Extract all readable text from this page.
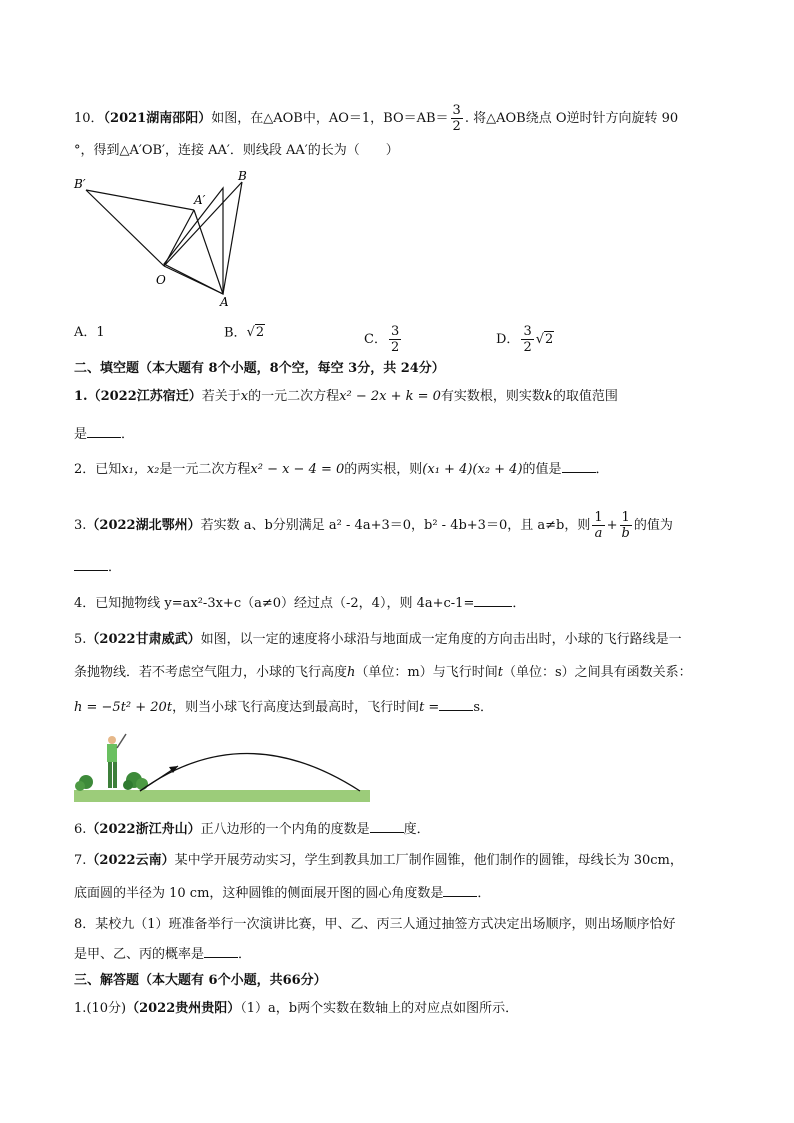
10．（2021湖南邵阳）如图，在△AOB中，AO＝1，$BO=AB= \frac{3}{2}$ . 将△AOB绕点 O逆时针方向旋转 90
°，得到△A′OB′，连接 AA′．则线段 AA′的长为（　　）
B′
A′
B
O
A
A．1	B．√2	C． $\frac{3}{2}$	D． $\frac{3}{2} √2$
二、填空题（本大题有 8个小题，8个空，每空 3分，共 24分）
1.（2022江苏宿迁）若关于x的一元二次方程x² − 2x + k = 0有实数根，则实数k的取值范围
是	．
2．已知x₁，x₂是一元二次方程x² − x − 4 = 0的两实根，则(x₁ + 4)(x₂ + 4)的值是	．
3.（2022湖北鄂州）若实数 a、b分别满足 a² - 4a+3＝0，b² - 4b+3＝0，且 a≠b，则 $\frac{1}{a} + \frac{1}{b}$ 的值为
．
4．已知抛物线 y=ax²-3x+c（a≠0）经过点（-2，4），则 4a+c-1=	．
5.（2022甘肃威武）如图，以一定的速度将小球沿与地面成一定角度的方向击出时，小球的飞行路线是一
条抛物线．若不考虑空气阻力，小球的飞行高度h（单位：m）与飞行时间t（单位：s）之间具有函数关系：
h = −5t² + 20t，则当小球飞行高度达到最高时，飞行时间t =	s．
6.（2022浙江舟山）正八边形的一个内角的度数是	度．
7.（2022云南）某中学开展劳动实习，学生到教具加工厂制作圆锥，他们制作的圆锥，母线长为 30cm，
底面圆的半径为 10 cm，这种圆锥的侧面展开图的圆心角度数是	．
8．某校九（1）班准备举行一次演讲比赛，甲、乙、丙三人通过抽签方式决定出场顺序，则出场顺序恰好
是甲、乙、丙的概率是	．
三、解答题（本大题有 6个小题，共66分）
1.(10分)（2022贵州贵阳）（1）a，b两个实数在数轴上的对应点如图所示．
